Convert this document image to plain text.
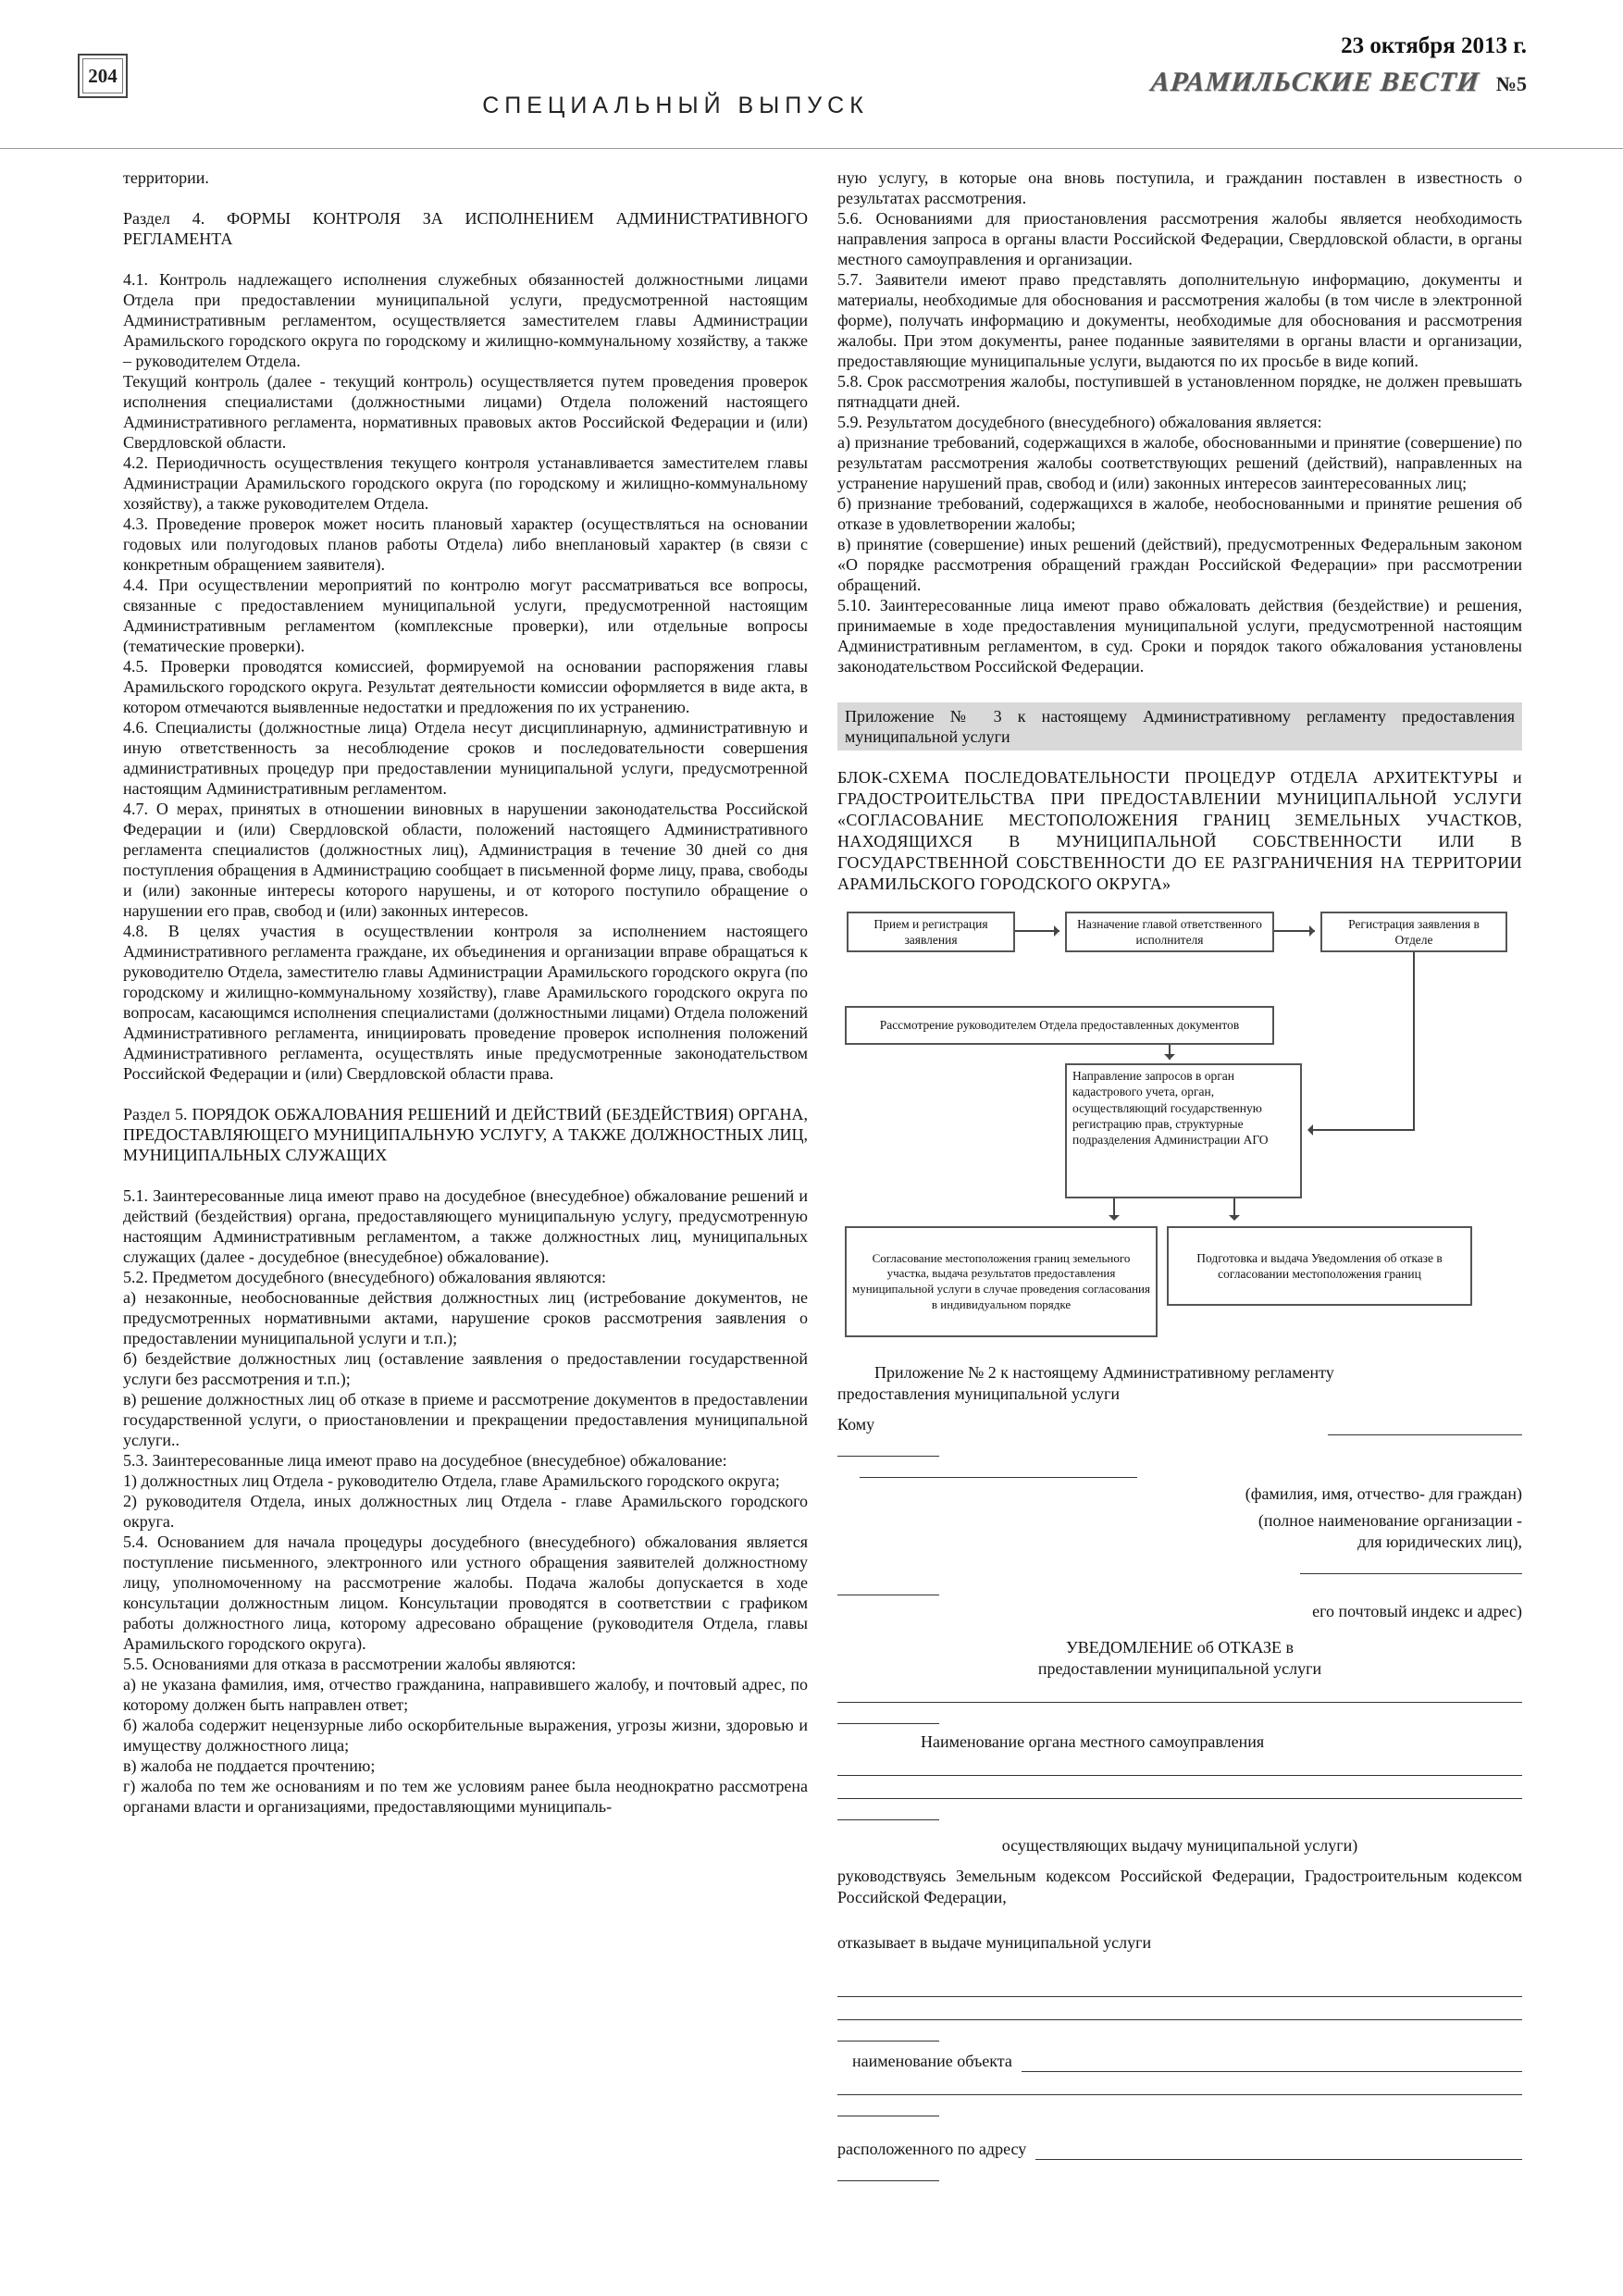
204
СПЕЦИАЛЬНЫЙ ВЫПУСК
23 октября 2013 г.
АРАМИЛЬСКИЕ ВЕСТИ №5

территории.

Раздел 4. ФОРМЫ КОНТРОЛЯ ЗА ИСПОЛНЕНИЕМ АДМИНИСТРАТИВНОГО РЕГЛАМЕНТА

4.1. Контроль надлежащего исполнения служебных обязанностей должностными лицами Отдела при предоставлении муниципальной услуги, предусмотренной настоящим Административным регламентом, осуществляется заместителем главы Администрации Арамильского городского округа по городскому и жилищно-коммунальному хозяйству, а также – руководителем Отдела.

Текущий контроль (далее - текущий контроль) осуществляется путем проведения проверок исполнения специалистами (должностными лицами) Отдела положений настоящего Административного регламента, нормативных правовых актов Российской Федерации и (или) Свердловской области.

4.2. Периодичность осуществления текущего контроля устанавливается заместителем главы Администрации Арамильского городского округа (по городскому и жилищно-коммунальному хозяйству), а также руководителем Отдела.

4.3. Проведение проверок может носить плановый характер (осуществляться на основании годовых или полугодовых планов работы Отдела) либо внеплановый характер (в связи с конкретным обращением заявителя).

4.4. При осуществлении мероприятий по контролю могут рассматриваться все вопросы, связанные с предоставлением муниципальной услуги, предусмотренной настоящим Административным регламентом (комплексные проверки), или отдельные вопросы (тематические проверки).

4.5. Проверки проводятся комиссией, формируемой на основании распоряжения главы Арамильского городского округа. Результат деятельности комиссии оформляется в виде акта, в котором отмечаются выявленные недостатки и предложения по их устранению.

4.6. Специалисты (должностные лица) Отдела несут дисциплинарную, административную и иную ответственность за несоблюдение сроков и последовательности совершения административных процедур при предоставлении муниципальной услуги, предусмотренной настоящим Административным регламентом.

4.7. О мерах, принятых в отношении виновных в нарушении законодательства Российской Федерации и (или) Свердловской области, положений настоящего Административного регламента специалистов (должностных лиц), Администрация в течение 30 дней со дня поступления обращения в Администрацию сообщает в письменной форме лицу, права, свободы и (или) законные интересы которого нарушены, и от которого поступило обращение о нарушении его прав, свобод и (или) законных интересов.

4.8. В целях участия в осуществлении контроля за исполнением настоящего Административного регламента граждане, их объединения и организации вправе обращаться к руководителю Отдела, заместителю главы Администрации Арамильского городского округа (по городскому и жилищно-коммунальному хозяйству), главе Арамильского городского округа по вопросам, касающимся исполнения специалистами (должностными лицами) Отдела положений Административного регламента, инициировать проведение проверок исполнения положений Административного регламента, осуществлять иные предусмотренные законодательством Российской Федерации и (или) Свердловской области права.

Раздел 5. ПОРЯДОК ОБЖАЛОВАНИЯ РЕШЕНИЙ И ДЕЙСТВИЙ (БЕЗДЕЙСТВИЯ) ОРГАНА, ПРЕДОСТАВЛЯЮЩЕГО МУНИЦИПАЛЬНУЮ УСЛУГУ, А ТАКЖЕ ДОЛЖНОСТНЫХ ЛИЦ, МУНИЦИПАЛЬНЫХ СЛУЖАЩИХ

5.1. Заинтересованные лица имеют право на досудебное (внесудебное) обжалование решений и действий (бездействия) органа, предоставляющего муниципальную услугу, предусмотренную настоящим Административным регламентом, а также должностных лиц, муниципальных служащих (далее - досудебное (внесудебное) обжалование).

5.2. Предметом досудебного (внесудебного) обжалования являются:

а) незаконные, необоснованные действия должностных лиц (истребование документов, не предусмотренных нормативными актами, нарушение сроков рассмотрения заявления о предоставлении муниципальной услуги и т.п.);

б) бездействие должностных лиц (оставление заявления о предоставлении государственной услуги без рассмотрения и т.п.);

в) решение должностных лиц об отказе в приеме и рассмотрение документов в предоставлении государственной услуги, о приостановлении и прекращении предоставления муниципальной услуги..

5.3. Заинтересованные лица имеют право на досудебное (внесудебное) обжалование:

1) должностных лиц Отдела - руководителю Отдела, главе Арамильского городского округа;

2) руководителя Отдела, иных должностных лиц Отдела - главе Арамильского городского округа.

5.4. Основанием для начала процедуры досудебного (внесудебного) обжалования является поступление письменного, электронного или устного обращения заявителей должностному лицу, уполномоченному на рассмотрение жалобы. Подача жалобы допускается в ходе консультации должностным лицом. Консультации проводятся в соответствии с графиком работы должностного лица, которому адресовано обращение (руководителя Отдела, главы Арамильского городского округа).

5.5. Основаниями для отказа в рассмотрении жалобы являются:

а) не указана фамилия, имя, отчество гражданина, направившего жалобу, и почтовый адрес, по которому должен быть направлен ответ;

б) жалоба содержит нецензурные либо оскорбительные выражения, угрозы жизни, здоровью и имуществу должностного лица;

в) жалоба не поддается прочтению;

г) жалоба по тем же основаниям и по тем же условиям ранее была неоднократно рассмотрена органами власти и организациями, предоставляющими муниципаль-

ную услугу, в которые она вновь поступила, и гражданин поставлен в известность о результатах рассмотрения.

5.6. Основаниями для приостановления рассмотрения жалобы является необходимость направления запроса в органы власти Российской Федерации, Свердловской области, в органы местного самоуправления и организации.

5.7. Заявители имеют право представлять дополнительную информацию, документы и материалы, необходимые для обоснования и рассмотрения жалобы (в том числе в электронной форме), получать информацию и документы, необходимые для обоснования и рассмотрения жалобы. При этом документы, ранее поданные заявителями в органы власти и организации, предоставляющие муниципальные услуги, выдаются по их просьбе в виде копий.

5.8. Срок рассмотрения жалобы, поступившей в установленном порядке, не должен превышать пятнадцати дней.

5.9. Результатом досудебного (внесудебного) обжалования является:

а) признание требований, содержащихся в жалобе, обоснованными и принятие (совершение) по результатам рассмотрения жалобы соответствующих решений (действий), направленных на устранение нарушений прав, свобод и (или) законных интересов заинтересованных лиц;

б) признание требований, содержащихся в жалобе, необоснованными и принятие решения об отказе в удовлетворении жалобы;

в) принятие (совершение) иных решений (действий), предусмотренных Федеральным законом «О порядке рассмотрения обращений граждан Российской Федерации» при рассмотрении обращений.

5.10. Заинтересованные лица имеют право обжаловать действия (бездействие) и решения, принимаемые в ходе предоставления муниципальной услуги, предусмотренной настоящим Административным регламентом, в суд. Сроки и порядок такого обжалования установлены законодательством Российской Федерации.

Приложение № 3 к настоящему Административному регламенту предоставления муниципальной услуги

БЛОК-СХЕМА ПОСЛЕДОВАТЕЛЬНОСТИ ПРОЦЕДУР ОТДЕЛА АРХИТЕКТУРЫ и ГРАДОСТРОИТЕЛЬСТВА ПРИ ПРЕДОСТАВЛЕНИИ МУНИЦИПАЛЬНОЙ УСЛУГИ «СОГЛАСОВАНИЕ МЕСТОПОЛОЖЕНИЯ ГРАНИЦ ЗЕМЕЛЬНЫХ УЧАСТКОВ, НАХОДЯЩИХСЯ В МУНИЦИПАЛЬНОЙ СОБСТВЕННОСТИ ИЛИ В ГОСУДАРСТВЕННОЙ СОБСТВЕННОСТИ ДО ЕЕ РАЗГРАНИЧЕНИЯ НА ТЕРРИТОРИИ АРАМИЛЬСКОГО ГОРОДСКОГО ОКРУГА»

Прием и регистрация заявления
Назначение главой ответственного исполнителя
Регистрация заявления в Отделе
Рассмотрение руководителем Отдела предоставленных документов
Направление запросов в орган кадастрового учета, орган, осуществляющий государственную регистрацию прав, структурные подразделения Администрации АГО
Согласование местоположения границ земельного участка, выдача результатов предоставления муниципальной услуги в случае проведения согласования в индивидуальном порядке
Подготовка и выдача Уведомления об отказе в согласовании местоположения границ

Приложение № 2 к настоящему Административному регламенту
предоставления муниципальной услуги

Кому

(фамилия, имя, отчество- для граждан)

(полное наименование организации -
для юридических лиц),

его почтовый индекс и адрес)

УВЕДОМЛЕНИЕ об ОТКАЗЕ в
предоставлении муниципальной услуги

Наименование органа местного самоуправления

осуществляющих выдачу муниципальной услуги)

руководствуясь Земельным кодексом Российской Федерации, Градостроительным кодексом Российской Федерации,

отказывает в выдаче муниципальной услуги

наименование объекта
расположенного по адресу
